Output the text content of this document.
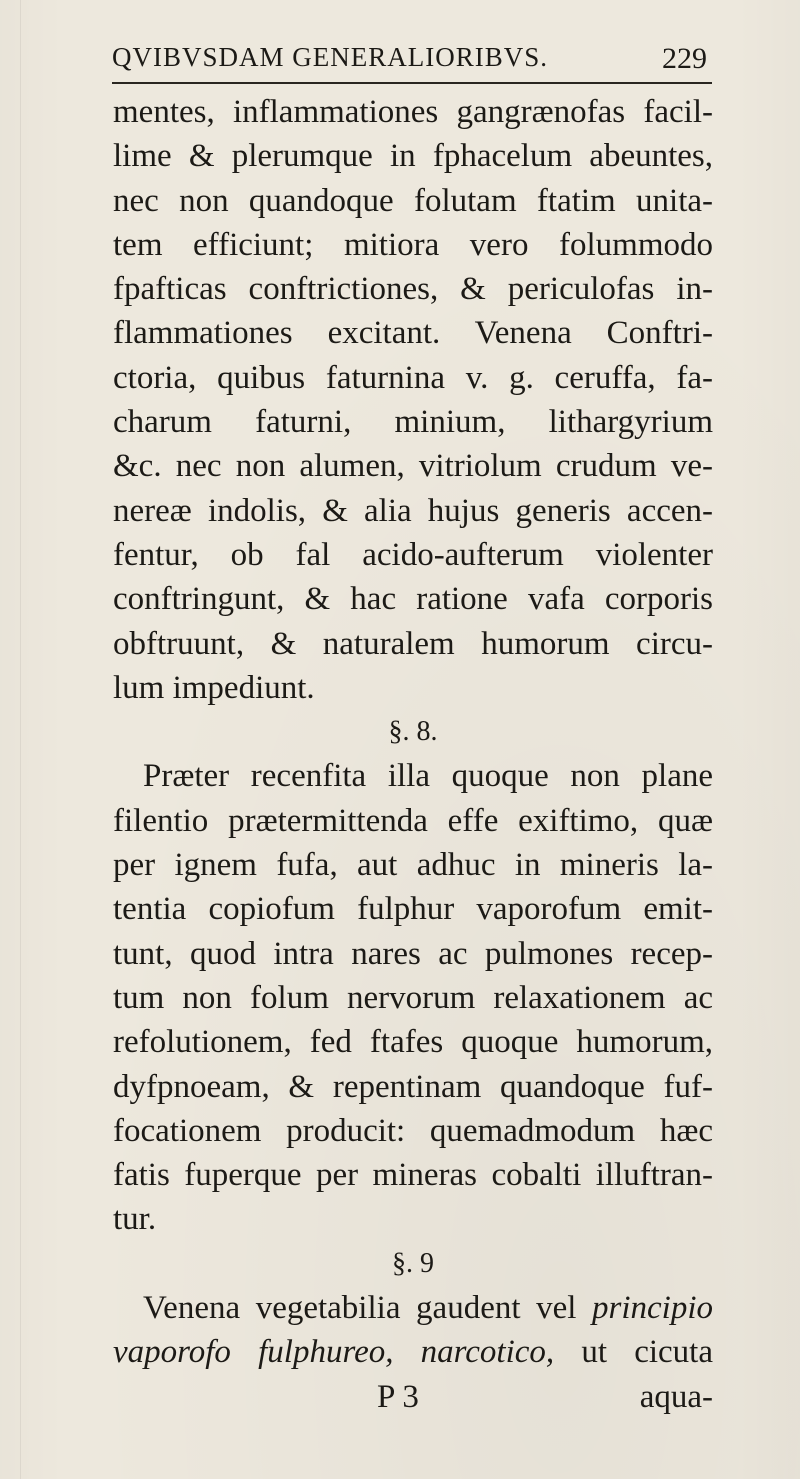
QVIBVSDAM GENERALIORIBVS.	229
mentes, inflammationes gangrænofas facil-
lime & plerumque in fphacelum abeuntes,
nec non quandoque folutam ftatim unita-
tem efficiunt; mitiora vero folummodo
fpafticas conftrictiones, & periculofas in-
flammationes excitant. Venena Conftri-
ctoria, quibus faturnina v. g. ceruffa, fa-
charum faturni, minium, lithargyrium
&c. nec non alumen, vitriolum crudum ve-
nereæ indolis, & alia hujus generis accen-
fentur, ob fal acido-aufterum violenter
conftringunt, & hac ratione vafa corporis
obftruunt, & naturalem humorum circu-
lum impediunt.
§. 8.
Præter recenfita illa quoque non plane
filentio prætermittenda effe exiftimo, quæ
per ignem fufa, aut adhuc in mineris la-
tentia copiofum fulphur vaporofum emit-
tunt, quod intra nares ac pulmones recep-
tum non folum nervorum relaxationem ac
refolutionem, fed ftafes quoque humorum,
dyfpnoeam, & repentinam quandoque fuf-
focationem producit: quemadmodum hæc
fatis fuperque per mineras cobalti illuftran-
tur.
§. 9
Venena vegetabilia gaudent vel principio
vaporofo fulphureo, narcotico, ut cicuta
P 3	aqua-
